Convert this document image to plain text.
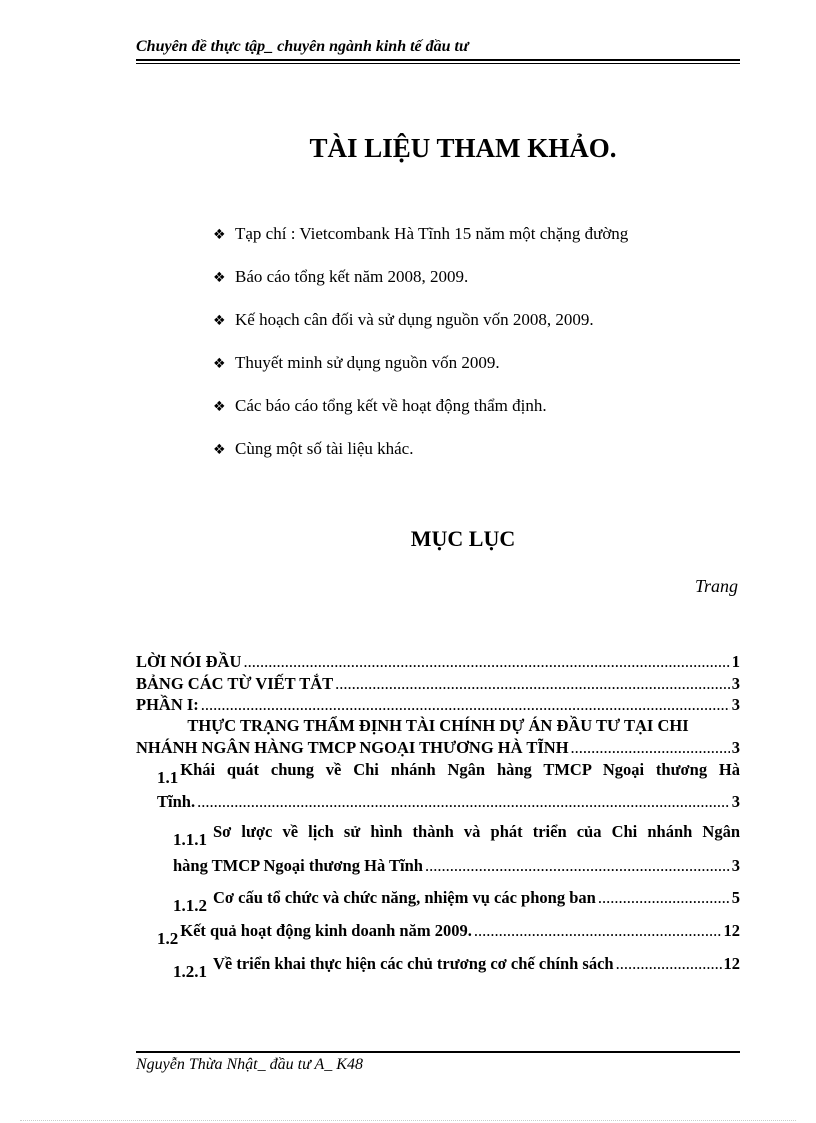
Chuyên đề thực tập_ chuyên ngành kinh tế đầu tư
TÀI LIỆU THAM KHẢO.
❖ Tạp chí : Vietcombank Hà Tĩnh 15 năm một chặng đường
❖ Báo cáo tổng kết năm 2008, 2009.
❖ Kế hoạch cân đối và sử dụng nguồn vốn 2008, 2009.
❖ Thuyết minh sử dụng nguồn vốn 2009.
❖ Các báo cáo tổng kết về hoạt động thẩm định.
❖ Cùng một số tài liệu khác.
MỤC LỤC
Trang
LỜI NÓI ĐẦU .....	1
BẢNG CÁC TỪ VIẾT TẮT .....	3
PHẦN I: .....	3
THỰC TRẠNG THẨM ĐỊNH TÀI CHÍNH DỰ ÁN ĐẦU TƯ TẠI CHI
NHÁNH NGÂN HÀNG TMCP NGOẠI THƯƠNG HÀ TĨNH .....	3
1.1 Khái quát chung về Chi nhánh Ngân hàng TMCP Ngoại thương Hà
Tĩnh. .....	3
1.1.1 Sơ lược về lịch sử hình thành và phát triển của Chi nhánh Ngân
hàng TMCP Ngoại thương Hà Tĩnh .....	3
1.1.2 Cơ cấu tổ chức và chức năng, nhiệm vụ các phong ban .....	5
1.2 Kết quả hoạt động kinh doanh năm 2009. .....	12
1.2.1 Về triển khai thực hiện các chủ trương cơ chế chính sách .....	12
Nguyễn Thừa Nhật_ đầu tư A_ K48
